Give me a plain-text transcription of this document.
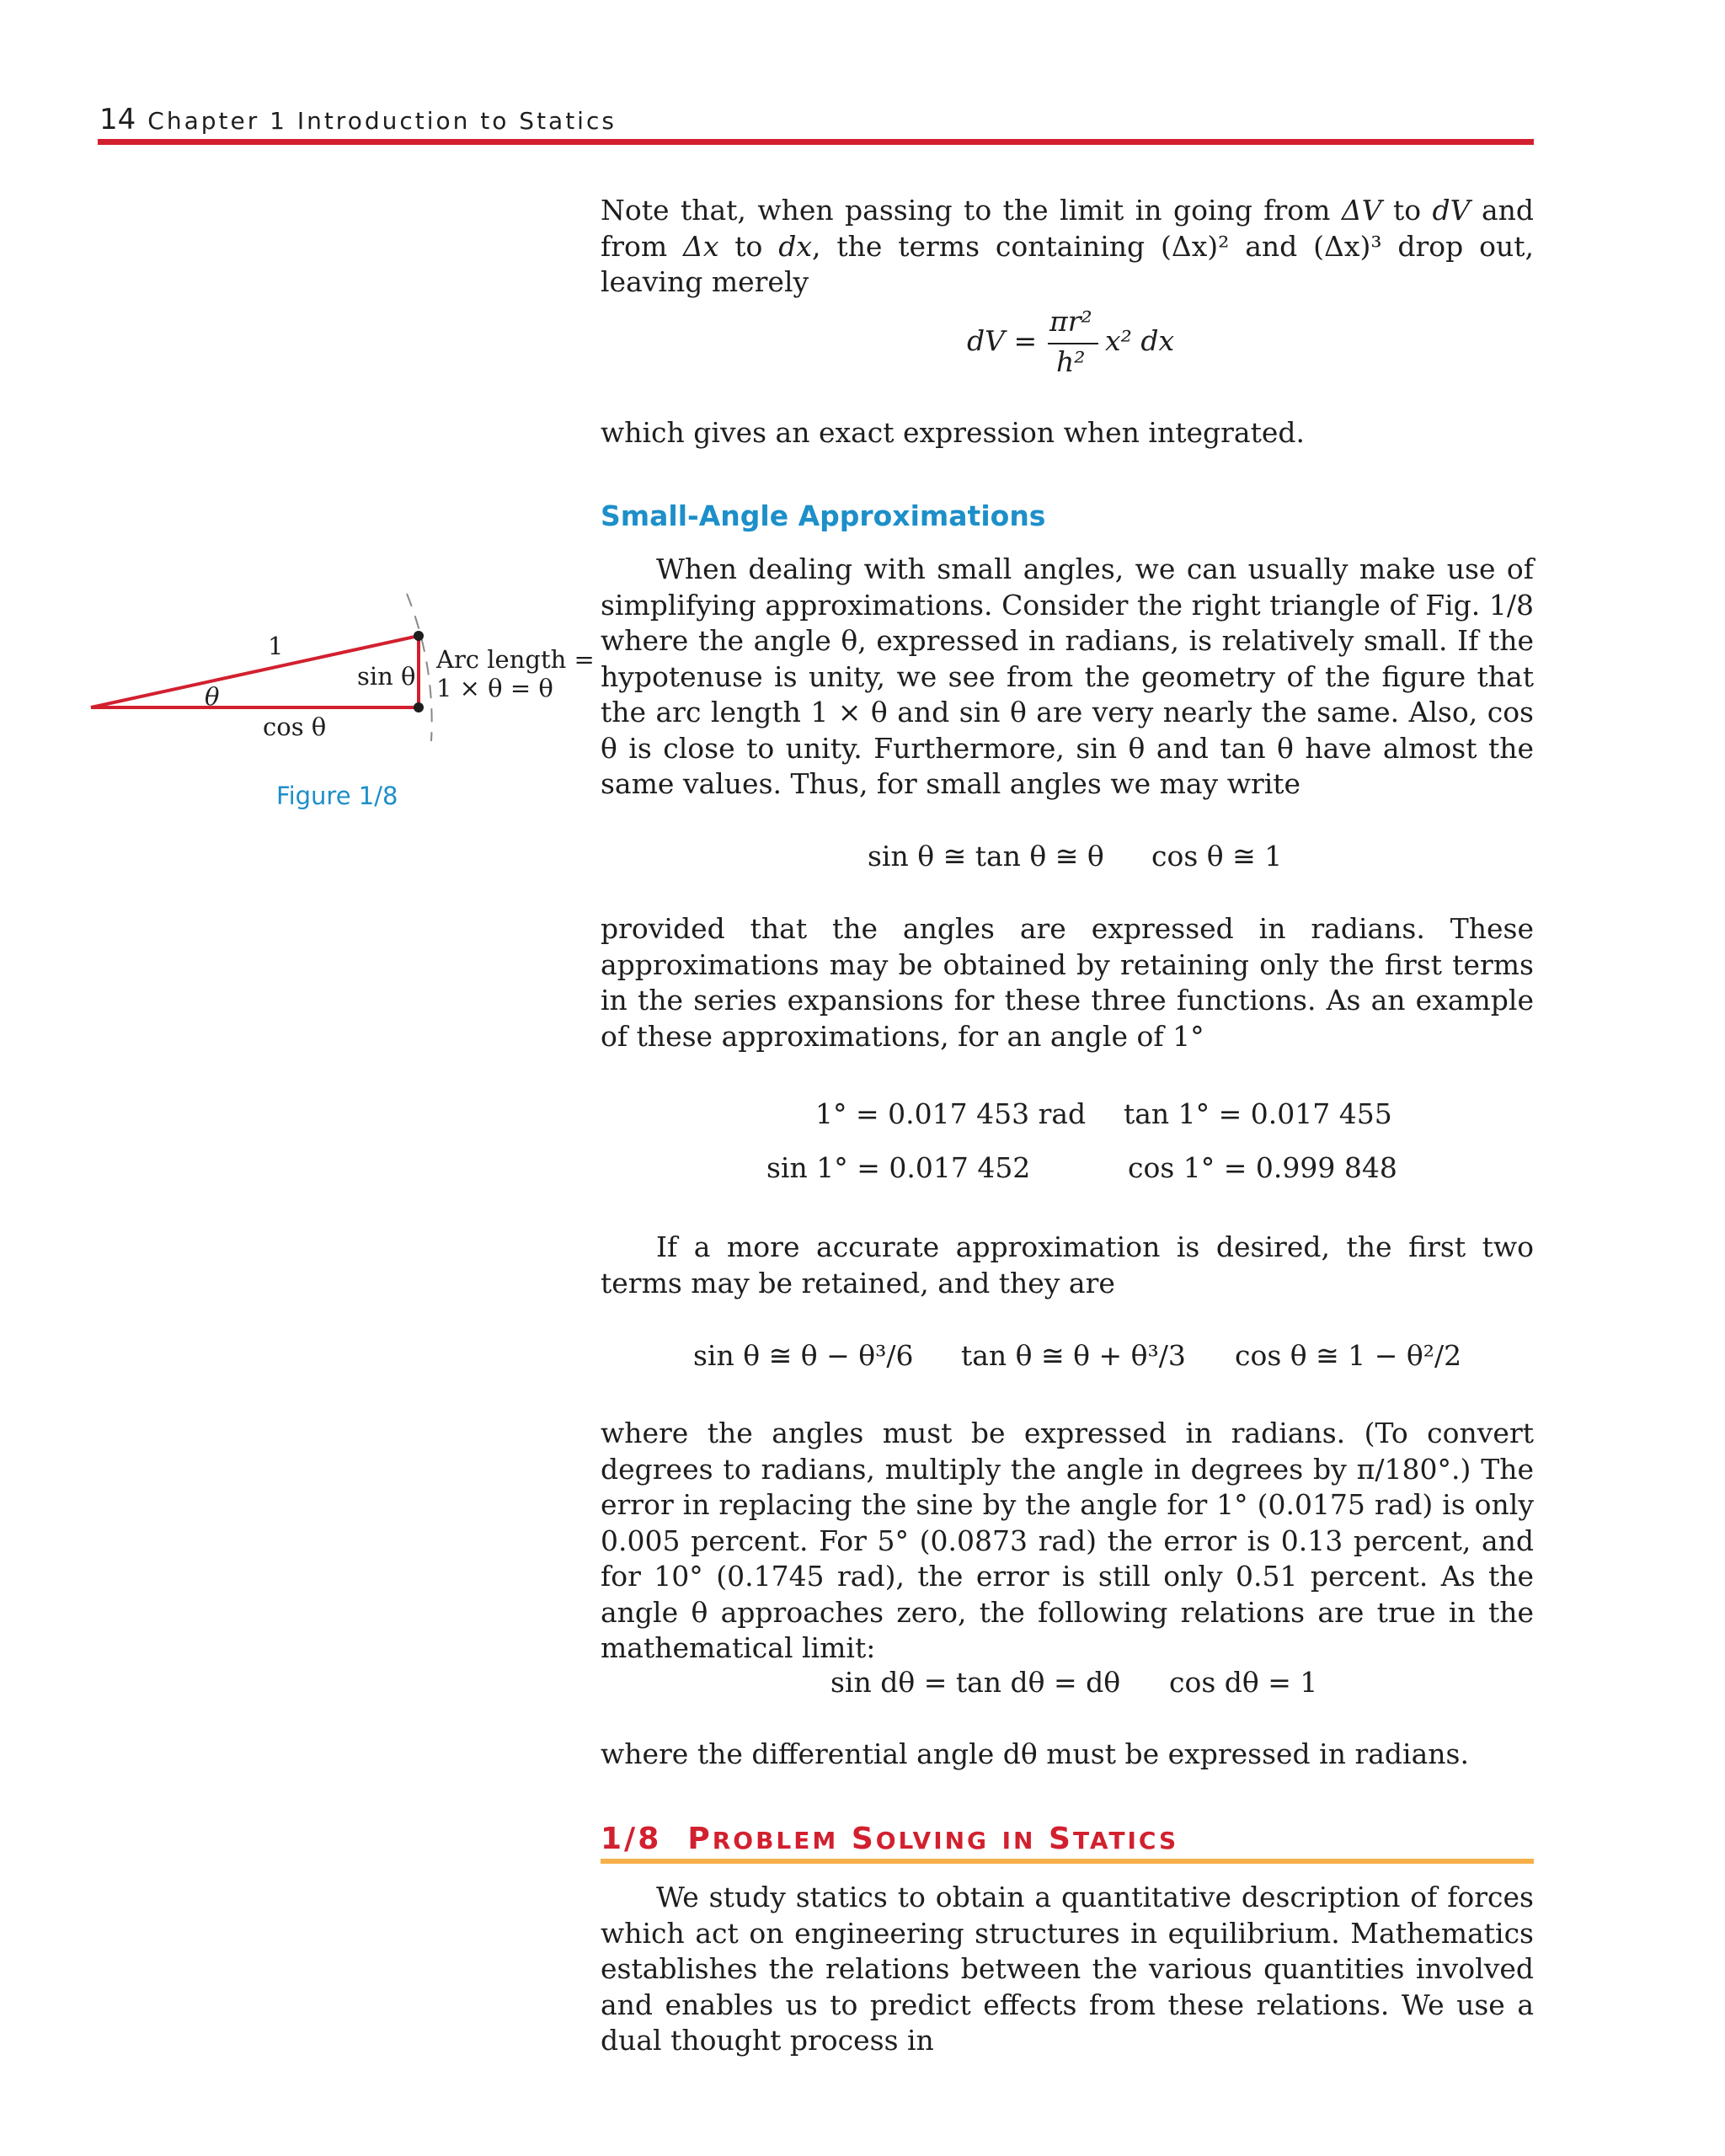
14 Chapter 1 Introduction to Statics

Note that, when passing to the limit in going from ΔV to dV and from Δx to dx, the terms containing (Δx)² and (Δx)³ drop out, leaving merely

dV =
πr²
h²
x² dx

which gives an exact expression when integrated.

Small-Angle Approximations

When dealing with small angles, we can usually make use of simplifying approximations. Consider the right triangle of Fig. 1/8 where the angle θ, expressed in radians, is relatively small. If the hypotenuse is unity, we see from the geometry of the figure that the arc length 1 × θ and sin θ are very nearly the same. Also, cos θ is close to unity. Furthermore, sin θ and tan θ have almost the same values. Thus, for small angles we may write

sin θ ≅ tan θ ≅ θ cos θ ≅ 1

provided that the angles are expressed in radians. These approximations may be obtained by retaining only the first terms in the series expansions for these three functions. As an example of these approximations, for an angle of 1°

1° = 0.017 453 rad tan 1° = 0.017 455
sin 1° = 0.017 452	cos 1° = 0.999 848

If a more accurate approximation is desired, the first two terms may be retained, and they are

sin θ ≅ θ − θ³/6 tan θ ≅ θ + θ³/3 cos θ ≅ 1 − θ²/2

where the angles must be expressed in radians. (To convert degrees to radians, multiply the angle in degrees by π/180°.) The error in replacing the sine by the angle for 1° (0.0175 rad) is only 0.005 percent. For 5° (0.0873 rad) the error is 0.13 percent, and for 10° (0.1745 rad), the error is still only 0.51 percent. As the angle θ approaches zero, the following relations are true in the mathematical limit:

sin dθ = tan dθ = dθ cos dθ = 1

where the differential angle dθ must be expressed in radians.

1/8 PROBLEM SOLVING IN STATICS

We study statics to obtain a quantitative description of forces which act on engineering structures in equilibrium. Mathematics establishes the relations between the various quantities involved and enables us to predict effects from these relations. We use a dual thought process in

1
θ
sin θ
cos θ
Arc length =
1 × θ = θ
Figure 1/8
